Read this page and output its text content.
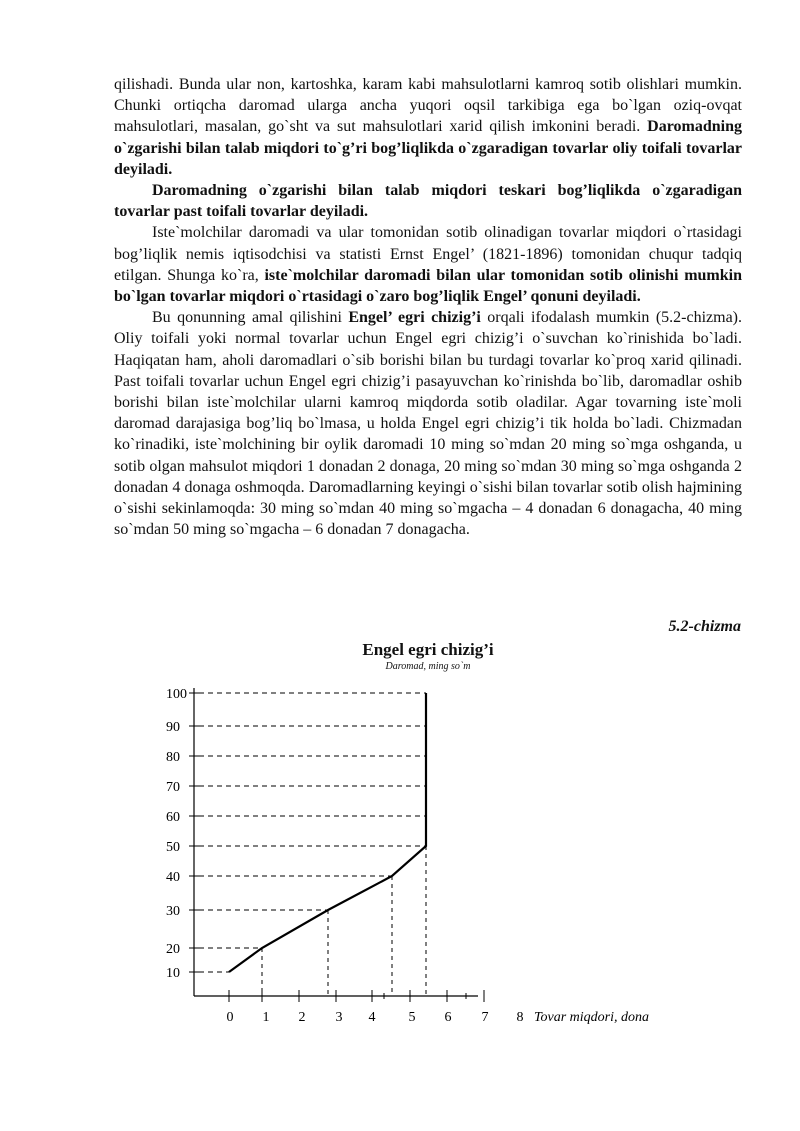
qilishadi. Bunda ular non, kartoshka, karam kabi mahsulotlarni kamroq sotib olishlari mumkin. Chunki ortiqcha daromad ularga ancha yuqori oqsil tarkibiga ega bo`lgan oziq-ovqat mahsulotlari, masalan, go`sht va sut mahsulotlari xarid qilish imkonini beradi. Daromadning o`zgarishi bilan talab miqdori to`g’ri bog’liqlikda o`zgaradigan tovarlar oliy toifali tovarlar deyiladi.

Daromadning o`zgarishi bilan talab miqdori teskari bog’liqlikda o`zgaradigan tovarlar past toifali tovarlar deyiladi.

Iste`molchilar daromadi va ular tomonidan sotib olinadigan tovarlar miqdori o`rtasidagi bog’liqlik nemis iqtisodchisi va statisti Ernst Engel’ (1821-1896) tomonidan chuqur tadqiq etilgan. Shunga ko`ra, iste`molchilar daromadi bilan ular tomonidan sotib olinishi mumkin bo`lgan tovarlar miqdori o`rtasidagi o`zaro bog’liqlik Engel’ qonuni deyiladi.

Bu qonunning amal qilishini Engel’ egri chizig’i orqali ifodalash mumkin (5.2-chizma). Oliy toifali yoki normal tovarlar uchun Engel egri chizig’i o`suvchan ko`rinishida bo`ladi. Haqiqatan ham, aholi daromadlari o`sib borishi bilan bu turdagi tovarlar ko`proq xarid qilinadi. Past toifali tovarlar uchun Engel egri chizig’i pasayuvchan ko`rinishda bo`lib, daromadlar oshib borishi bilan iste`molchilar ularni kamroq miqdorda sotib oladilar. Agar tovarning iste`moli daromad darajasiga bog’liq bo`lmasa, u holda Engel egri chizig’i tik holda bo`ladi. Chizmadan ko`rinadiki, iste`molchining bir oylik daromadi 10 ming so`mdan 20 ming so`mga oshganda, u sotib olgan mahsulot miqdori 1 donadan 2 donaga, 20 ming so`mdan 30 ming so`mga oshganda 2 donadan 4 donaga oshmoqda. Daromadlarning keyingi o`sishi bilan tovarlar sotib olish hajmining o`sishi sekinlamoqda: 30 ming so`mdan 40 ming so`mgacha – 4 donadan 6 donagacha, 40 ming so`mdan 50 ming so`mgacha – 6 donadan 7 donagacha.

5.2-chizma
Engel egri chizig’i
Daromad, ming so`m
10
20
30
40
50
60
70
80
90
100
0 1 2 3 4 5 6 7 8 Tovar miqdori, dona
